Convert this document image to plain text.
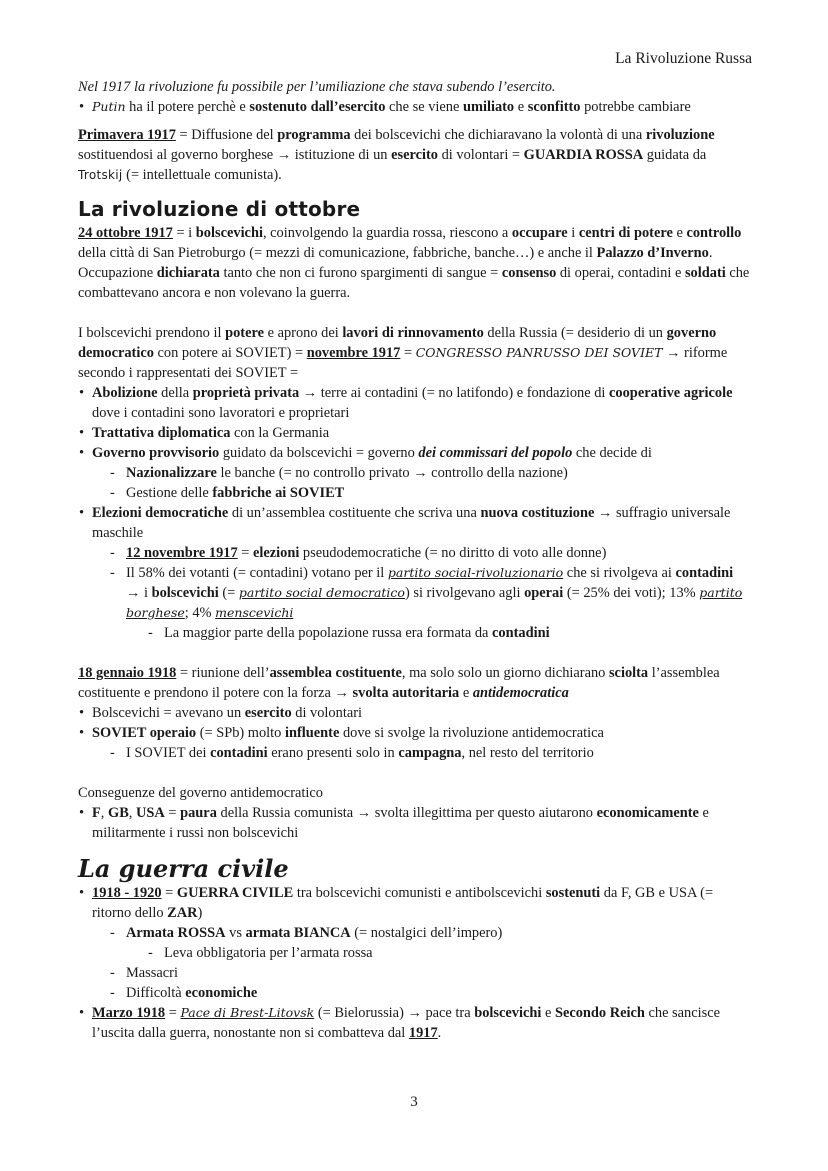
La Rivoluzione Russa

Nel 1917 la rivoluzione fu possibile per l’umiliazione che stava subendo l’esercito.

• Putin ha il potere perchè e sostenuto dall’esercito che se viene umiliato e sconfitto potrebbe cambiare

Primavera 1917 = Diffusione del programma dei bolscevichi che dichiaravano la volontà di una rivoluzione sostituendosi al governo borghese → istituzione di un esercito di volontari = GUARDIA ROSSA guidata da Trotskij (= intellettuale comunista).

La rivoluzione di ottobre

24 ottobre 1917 = i bolscevichi, coinvolgendo la guardia rossa, riescono a occupare i centri di potere e controllo della città di San Pietroburgo (= mezzi di comunicazione, fabbriche, banche…) e anche il Palazzo d’Inverno.

Occupazione dichiarata tanto che non ci furono spargimenti di sangue = consenso di operai, contadini e soldati che combattevano ancora e non volevano la guerra.

I bolscevichi prendono il potere e aprono dei lavori di rinnovamento della Russia (= desiderio di un governo democratico con potere ai SOVIET) = novembre 1917 = CONGRESSO PANRUSSO DEI SOVIET → riforme secondo i rappresentati dei SOVIET =

• Abolizione della proprietà privata → terre ai contadini (= no latifondo) e fondazione di cooperative agricole dove i contadini sono lavoratori e proprietari
• Trattativa diplomatica con la Germania
• Governo provvisorio guidato da bolscevichi = governo dei commissari del popolo che decide di
- Nazionalizzare le banche (= no controllo privato → controllo della nazione)
- Gestione delle fabbriche ai SOVIET
• Elezioni democratiche di un’assemblea costituente che scriva una nuova costituzione → suffragio universale maschile
- 12 novembre 1917 = elezioni pseudodemocratiche (= no diritto di voto alle donne)
- Il 58% dei votanti (= contadini) votano per il partito social-rivoluzionario che si rivolgeva ai contadini → i bolscevichi (= partito social democratico) si rivolgevano agli operai (= 25% dei voti); 13% partito borghese; 4% menscevichi
- La maggior parte della popolazione russa era formata da contadini

18 gennaio 1918 = riunione dell’assemblea costituente, ma solo solo un giorno dichiarano sciolta l’assemblea costituente e prendono il potere con la forza → svolta autoritaria e antidemocratica

• Bolscevichi = avevano un esercito di volontari
• SOVIET operaio (= SPb) molto influente dove si svolge la rivoluzione antidemocratica
- I SOVIET dei contadini erano presenti solo in campagna, nel resto del territorio

Conseguenze del governo antidemocratico

• F, GB, USA = paura della Russia comunista → svolta illegittima per questo aiutarono economicamente e militarmente i russi non bolscevichi
La guerra civile
• 1918 - 1920 = GUERRA CIVILE tra bolscevichi comunisti e antibolscevichi sostenuti da F, GB e USA (= ritorno dello ZAR)
- Armata ROSSA vs armata BIANCA (= nostalgici dell’impero)
- Leva obbligatoria per l’armata rossa
- Massacri
- Difficoltà economiche
• Marzo 1918 = Pace di Brest-Litovsk (= Bielorussia) → pace tra bolscevichi e Secondo Reich che sancisce l’uscita dalla guerra, nonostante non si combatteva dal 1917.
3
